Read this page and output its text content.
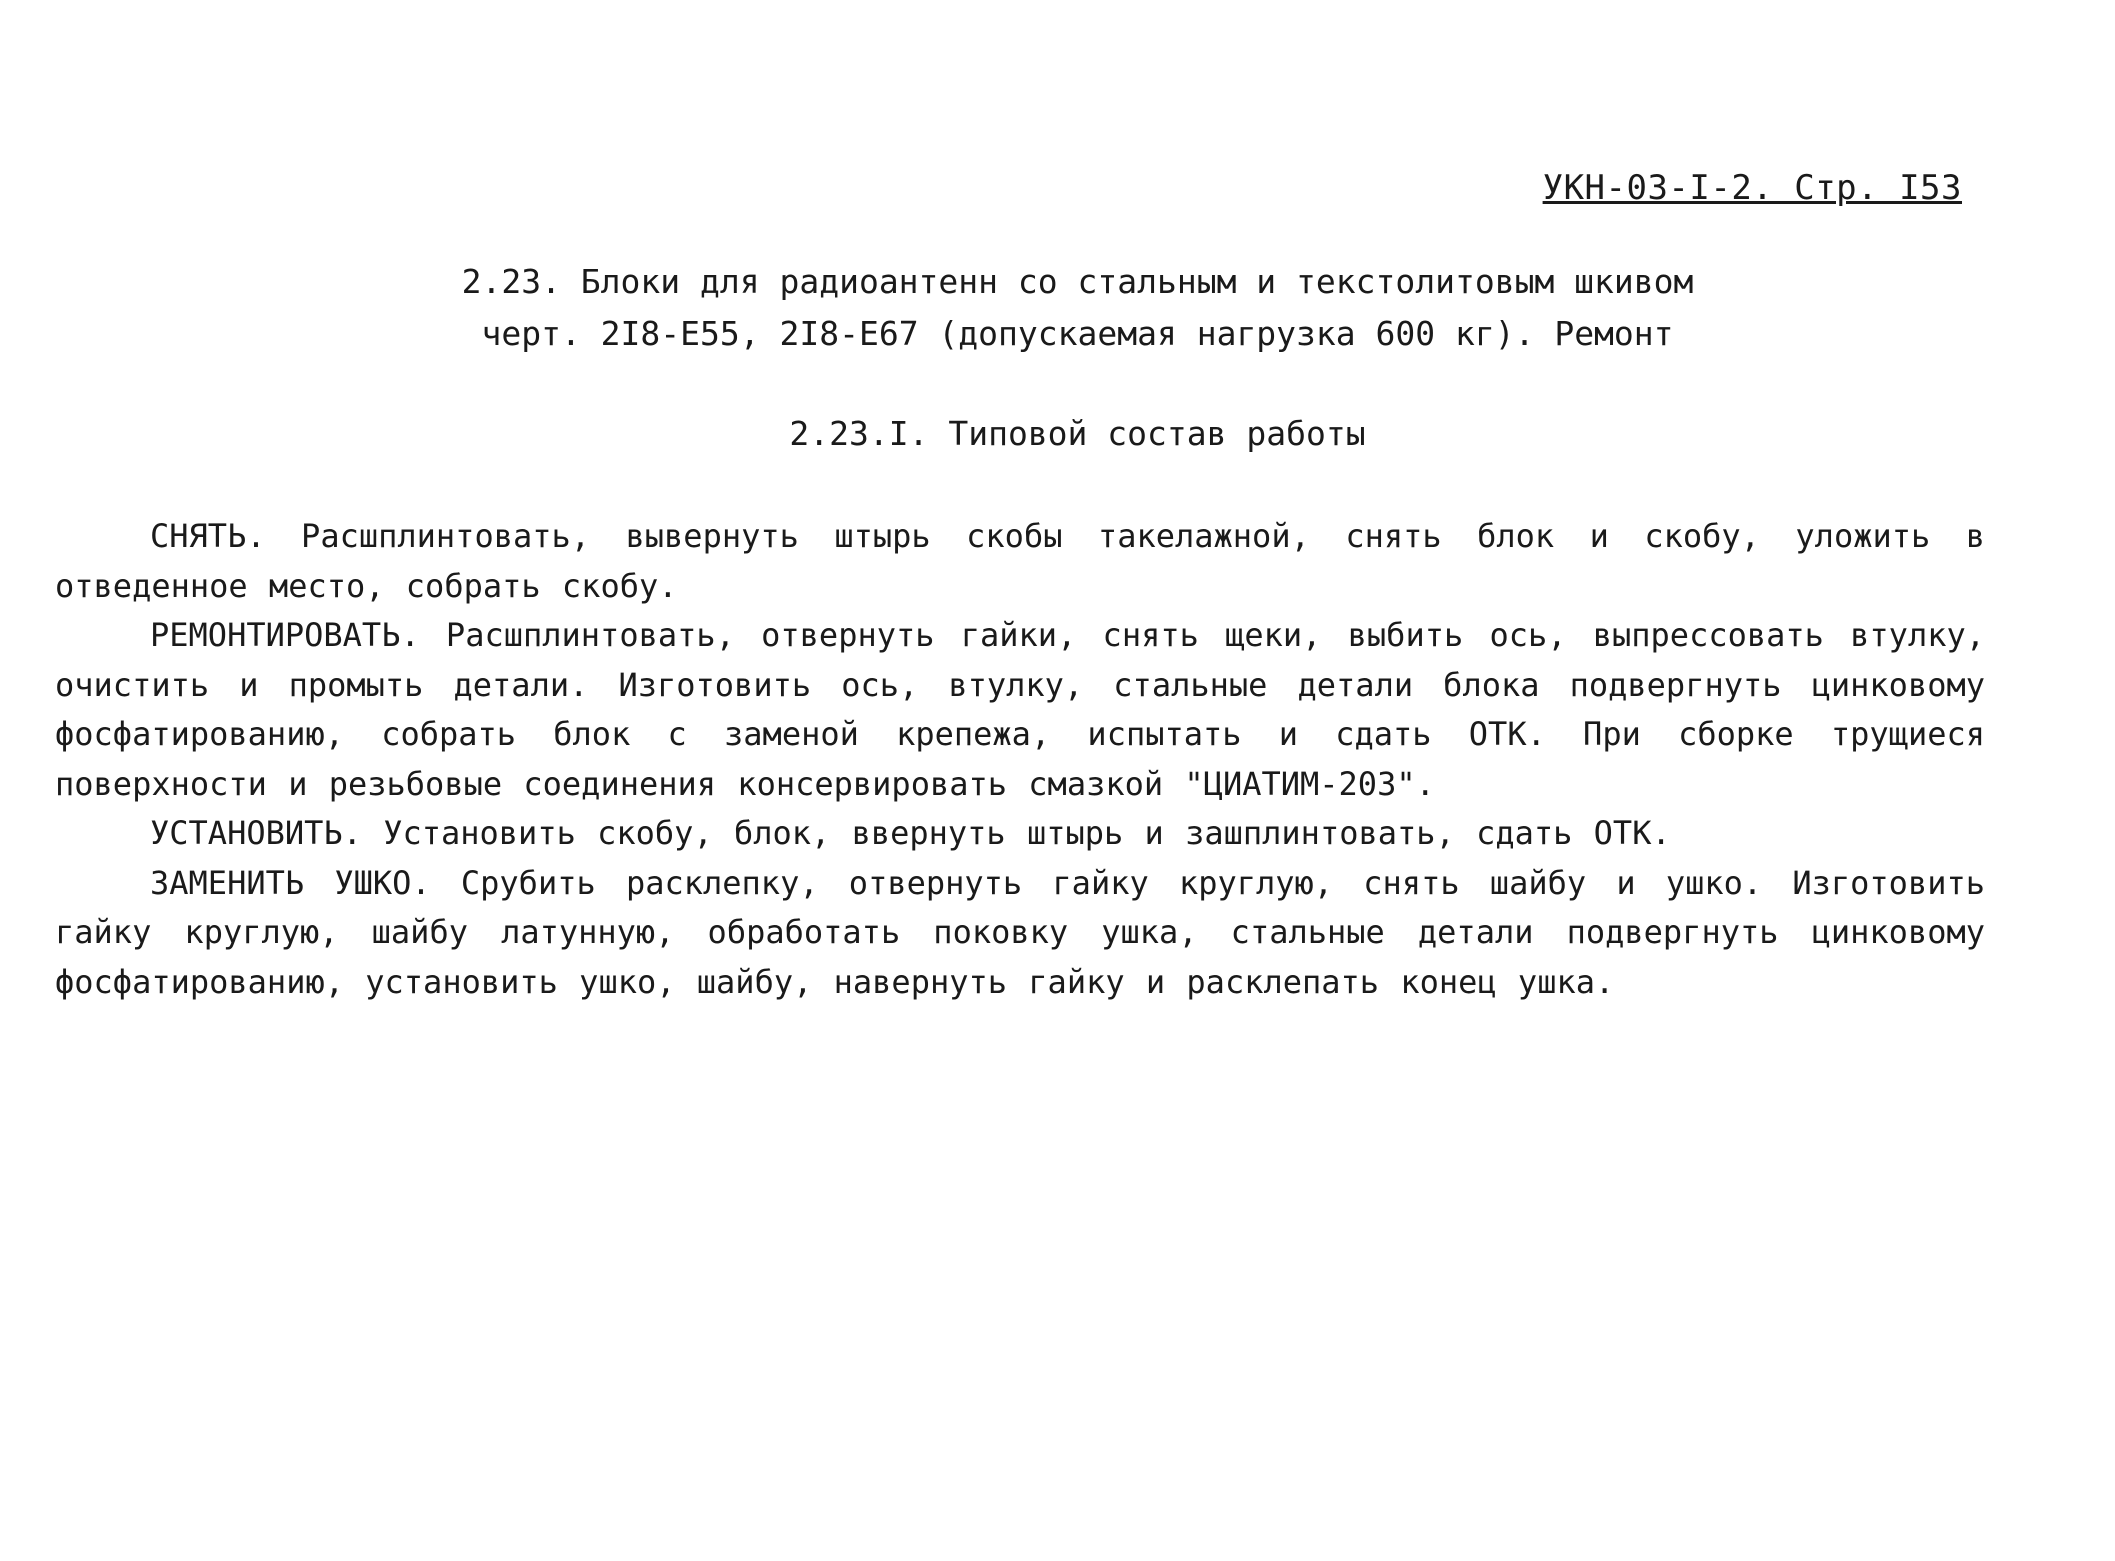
УКН-03-I-2. Стр. I53
2.23. Блоки для радиоантенн со стальным и текстолитовым шкивом
черт. 2I8-Е55, 2I8-Е67 (допускаемая нагрузка 600 кг). Ремонт
2.23.I. Типовой состав работы

СНЯТЬ. Расшплинтовать, вывернуть штырь скобы такелажной, снять блок и скобу, уложить в отведенное место, собрать скобу.

РЕМОНТИРОВАТЬ. Расшплинтовать, отвернуть гайки, снять щеки, выбить ось, выпрессовать втулку, очистить и промыть детали. Изготовить ось, втулку, стальные детали блока подвергнуть цинковому фосфатированию, собрать блок с заменой крепежа, испытать и сдать ОТК. При сборке трущиеся поверхности и резьбовые соединения консервировать смазкой "ЦИАТИМ-203".

УСТАНОВИТЬ. Установить скобу, блок, ввернуть штырь и зашплинтовать, сдать ОТК.

ЗАМЕНИТЬ УШКО. Срубить расклепку, отвернуть гайку круглую, снять шайбу и ушко. Изготовить гайку круглую, шайбу латунную, обработать поковку ушка, стальные детали подвергнуть цинковому фосфатированию, установить ушко, шайбу, навернуть гайку и расклепать конец ушка.
